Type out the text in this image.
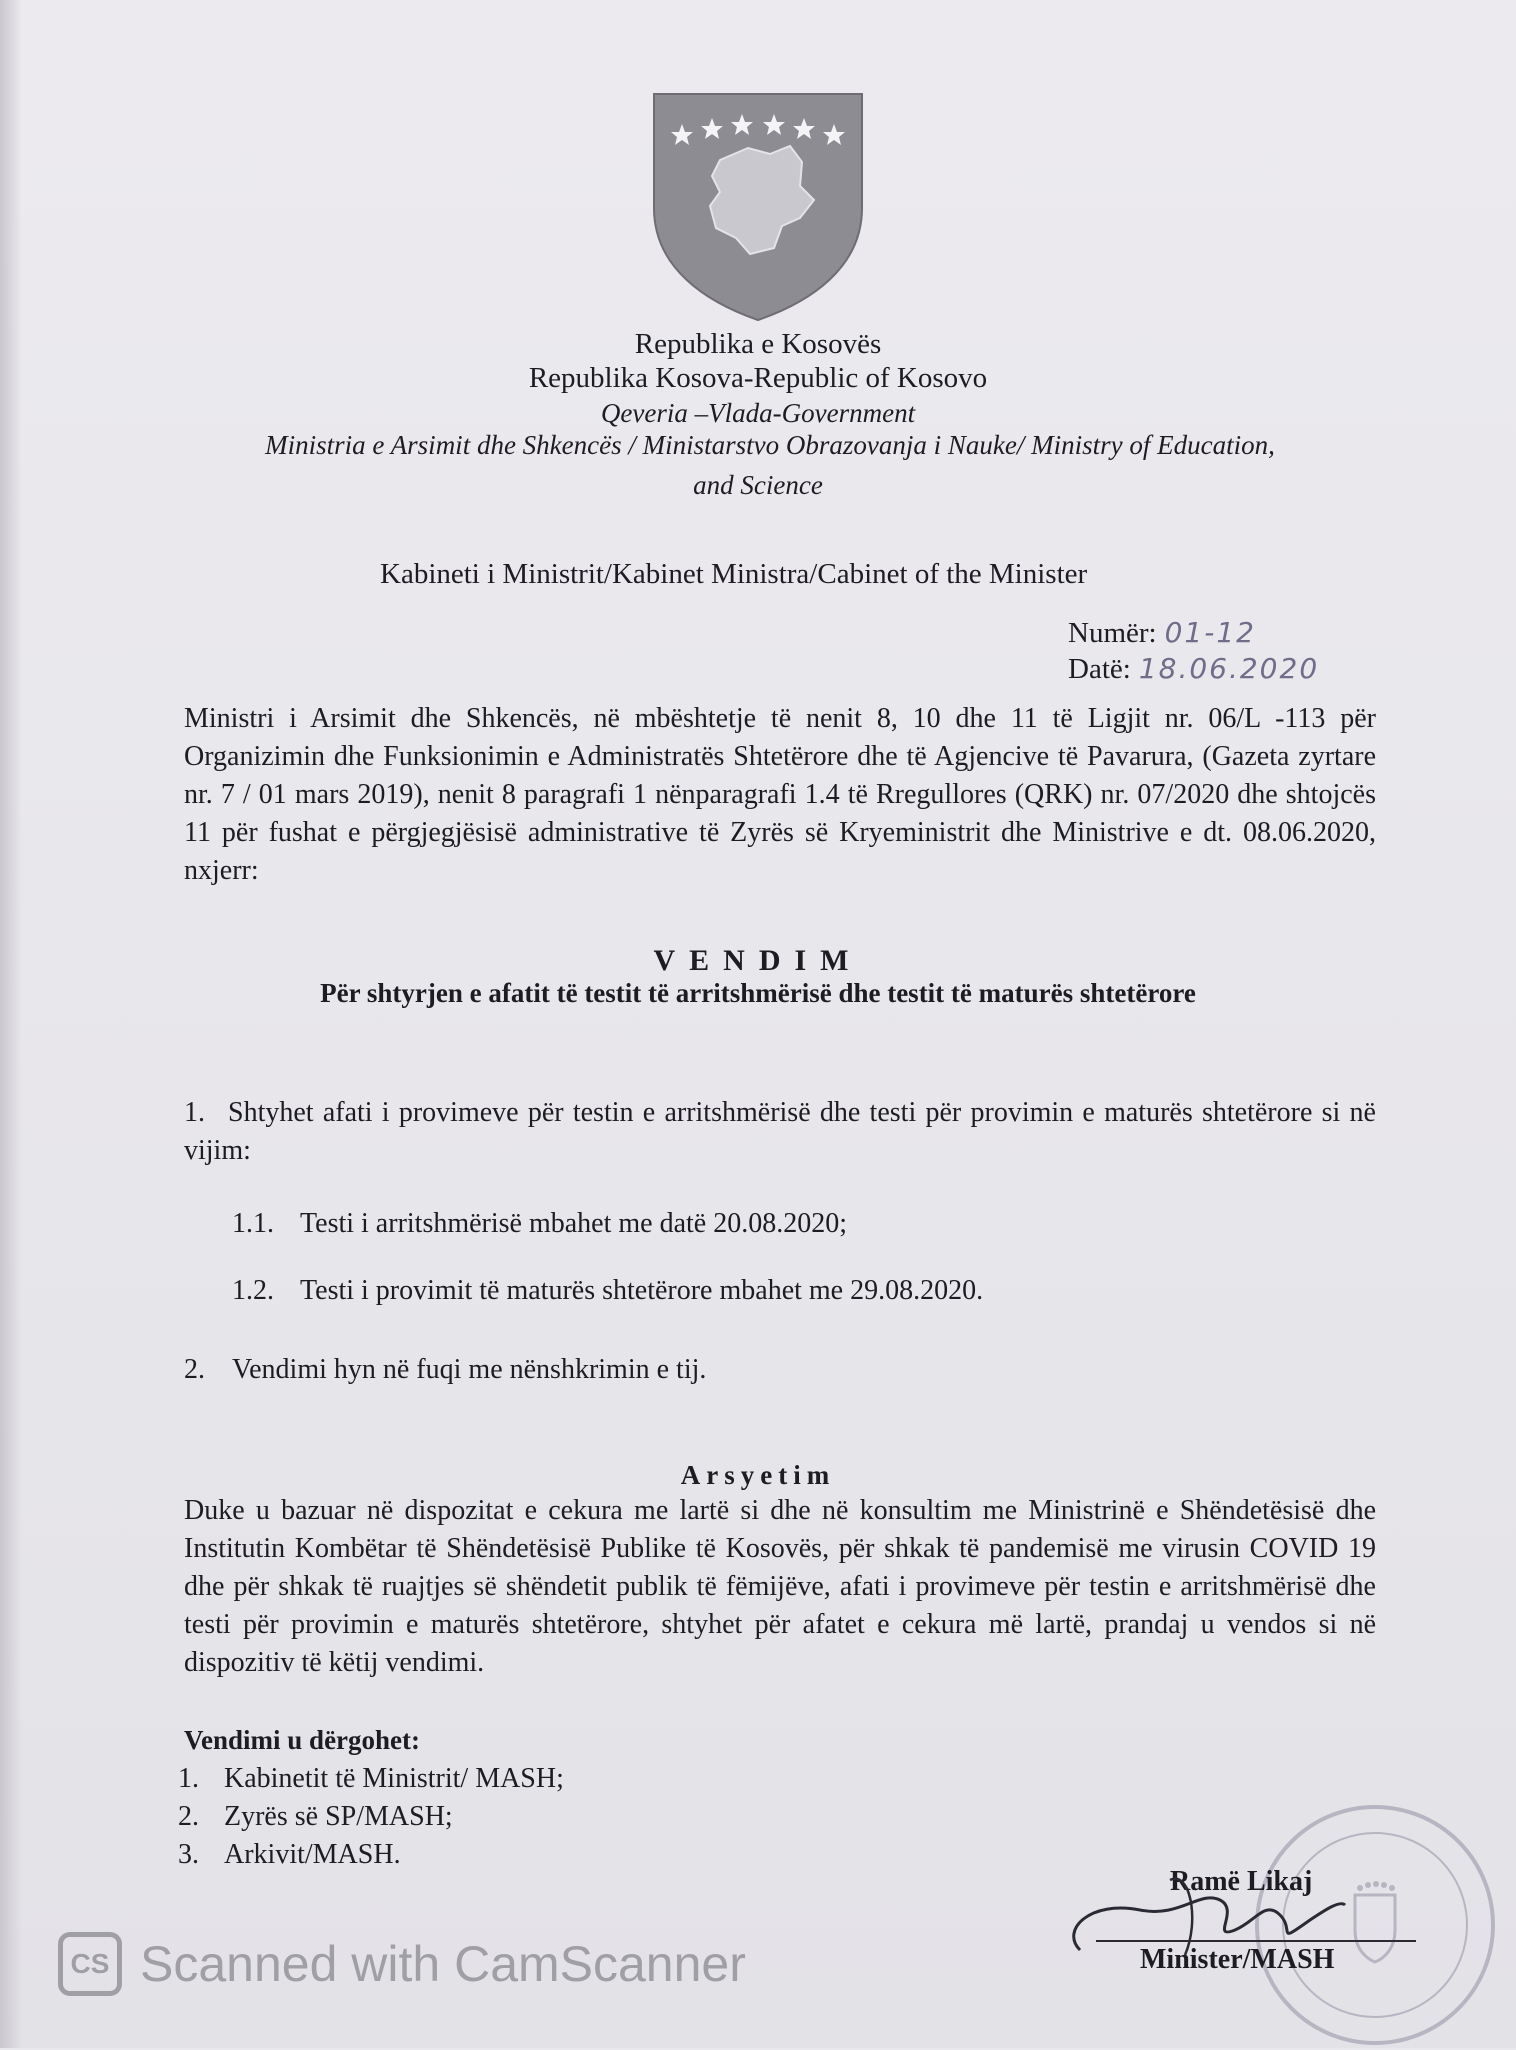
Republika e Kosovës
Republika Kosova-Republic of Kosovo
Qeveria –Vlada-Government
Ministria e Arsimit dhe Shkencës / Ministarstvo Obrazovanja i Nauke/ Ministry of Education,
and Science
Kabineti i Ministrit/Kabinet Ministra/Cabinet of the Minister
Numër: 01-12
Datë: 18.06.2020
Ministri i Arsimit dhe Shkencës, në mbështetje të nenit 8, 10 dhe 11 të Ligjit nr. 06/L -113 për Organizimin dhe Funksionimin e Administratës Shtetërore dhe të Agjencive të Pavarura, (Gazeta zyrtare nr. 7 / 01 mars 2019), nenit 8 paragrafi 1 nënparagrafi 1.4 të Rregullores (QRK) nr. 07/2020 dhe shtojcës 11 për fushat e përgjegjësisë administrative të Zyrës së Kryeministrit dhe Ministrive e dt. 08.06.2020, nxjerr:
VENDIM
Për shtyrjen e afatit të testit të arritshmërisë dhe testit të maturës shtetërore
1. Shtyhet afati i provimeve për testin e arritshmërisë dhe testi për provimin e maturës shtetërore si në vijim:
1.1. Testi i arritshmërisë mbahet me datë 20.08.2020;
1.2. Testi i provimit të maturës shtetërore mbahet me 29.08.2020.
2. Vendimi hyn në fuqi me nënshkrimin e tij.
Arsyetim
Duke u bazuar në dispozitat e cekura me lartë si dhe në konsultim me Ministrinë e Shëndetësisë dhe Institutin Kombëtar të Shëndetësisë Publike të Kosovës, për shkak të pandemisë me virusin COVID 19 dhe për shkak të ruajtjes së shëndetit publik të fëmijëve, afati i provimeve për testin e arritshmërisë dhe testi për provimin e maturës shtetërore, shtyhet për afatet e cekura më lartë, prandaj u vendos si në dispozitiv të këtij vendimi.
Vendimi u dërgohet:
1. Kabinetit të Ministrit/ MASH;
2. Zyrës së SP/MASH;
3. Arkivit/MASH.
Ramë Likaj
Minister/MASH
CS Scanned with CamScanner
